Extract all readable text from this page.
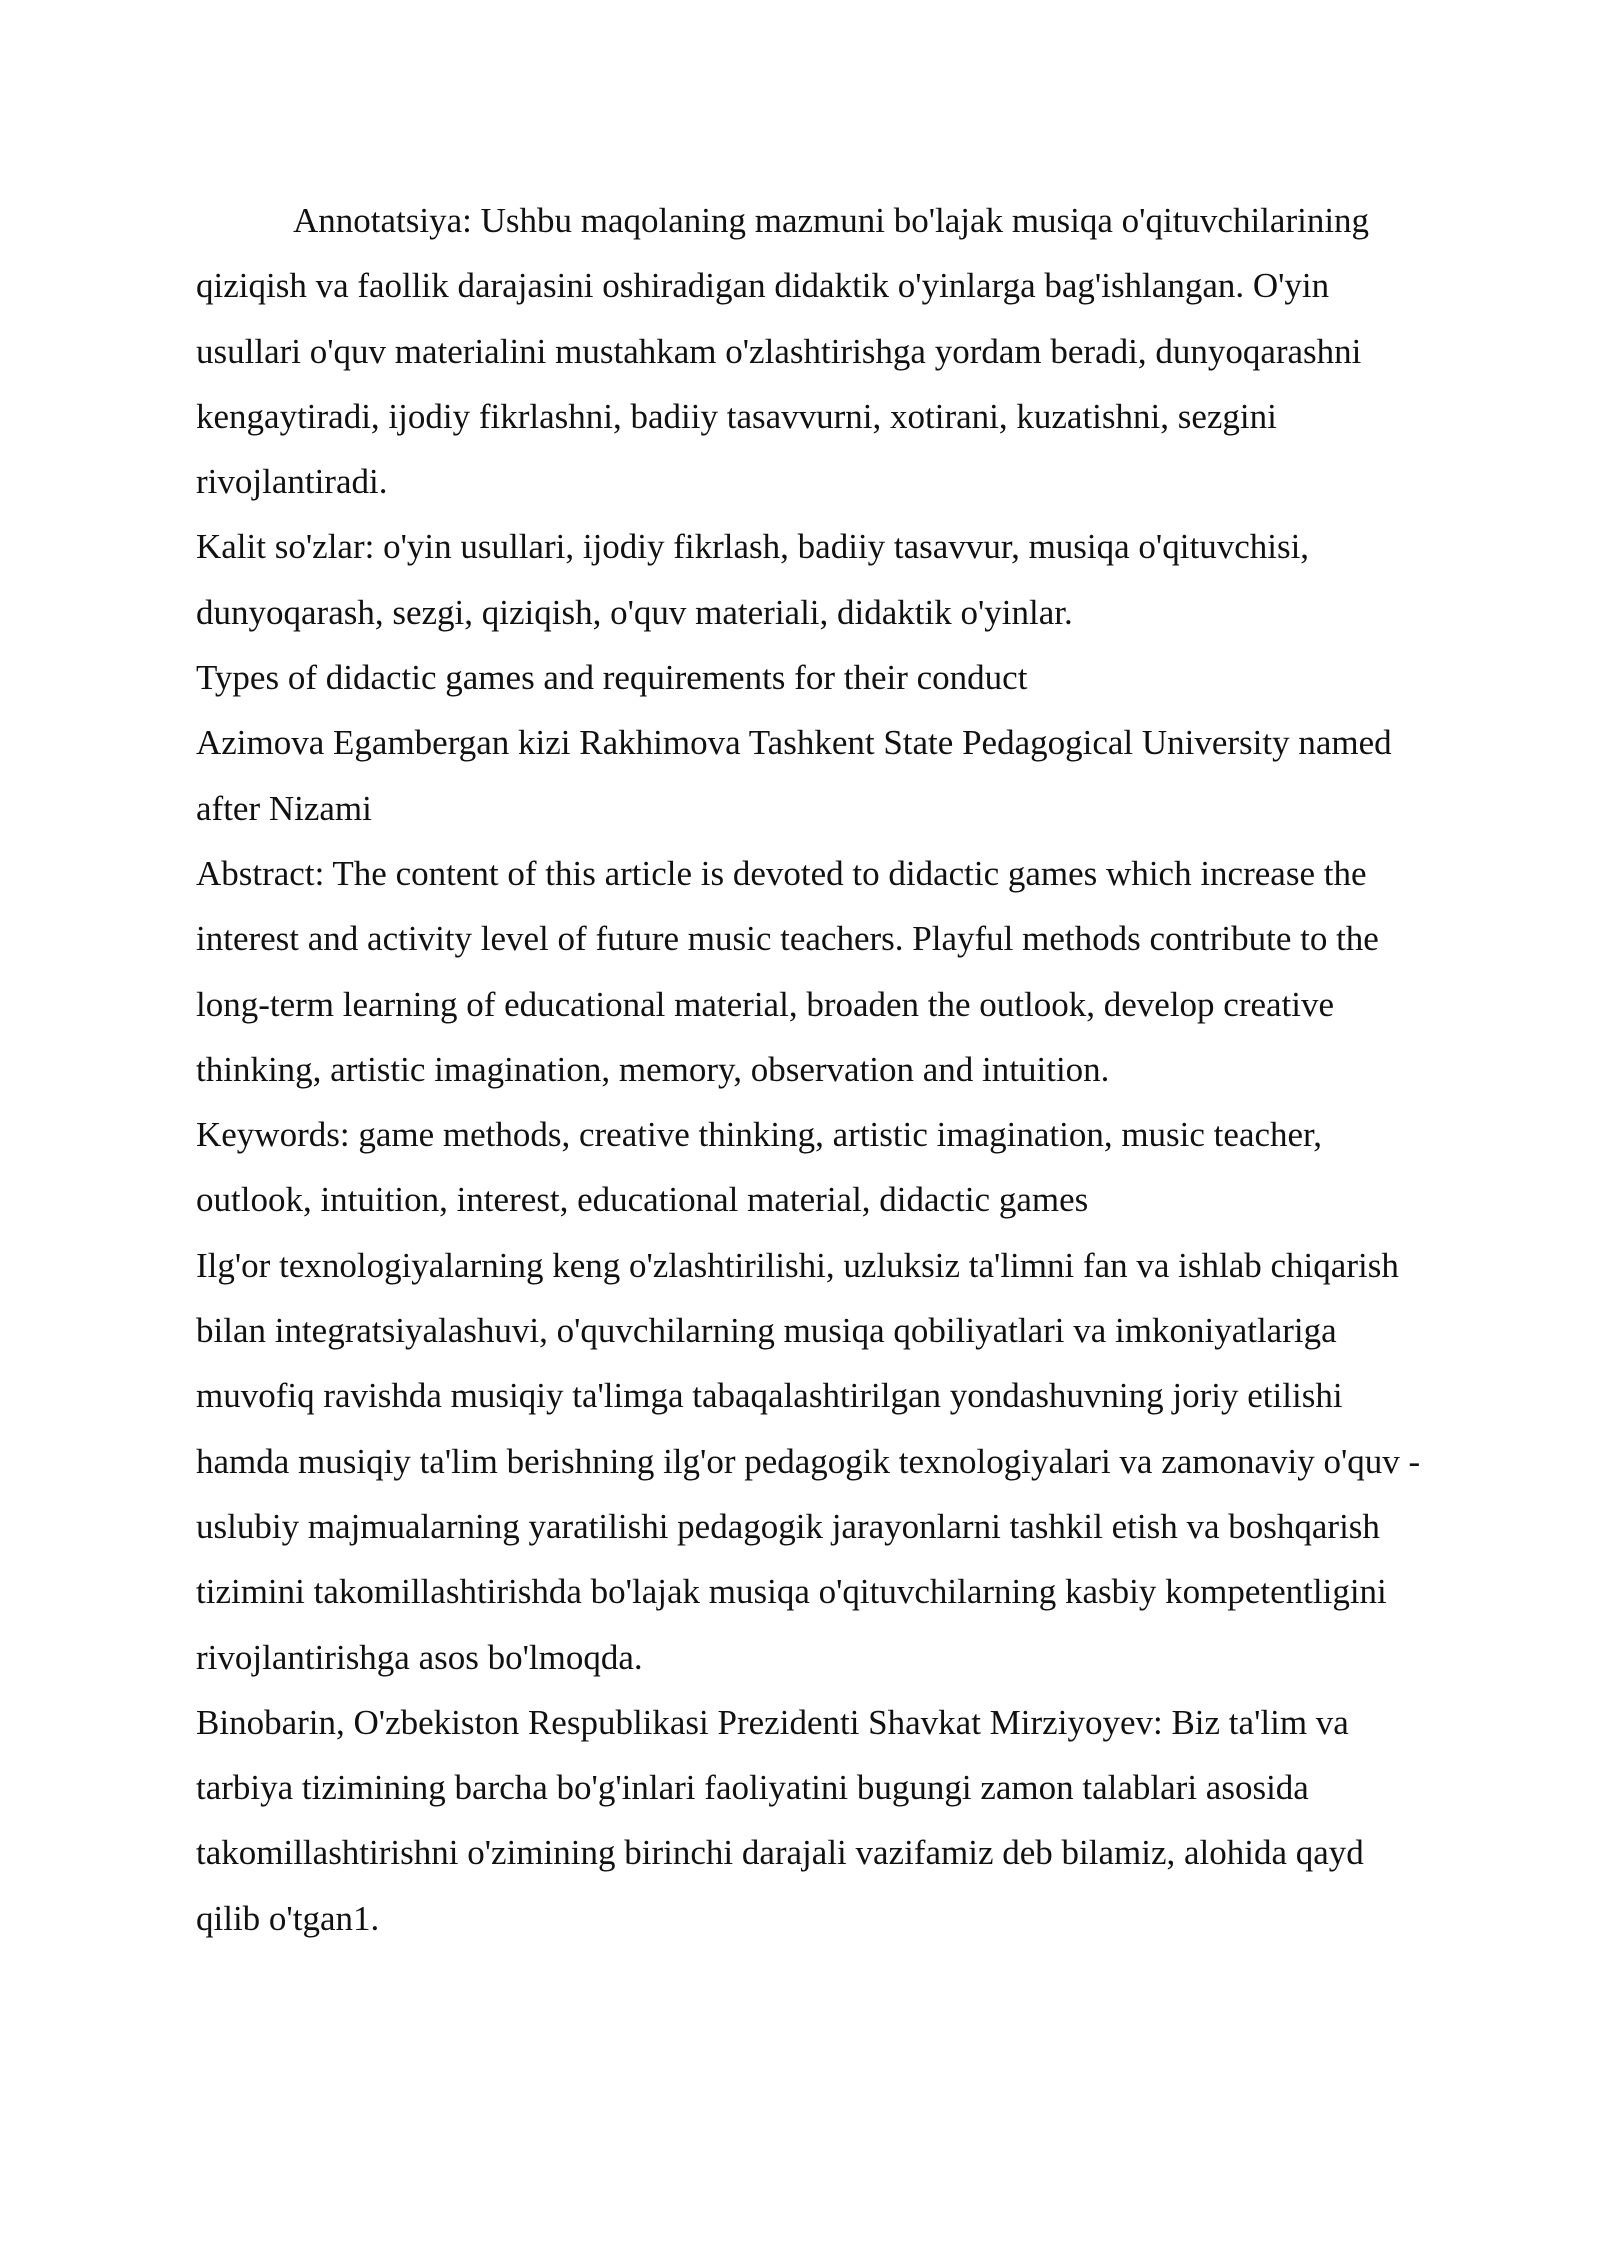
Annotatsiya: Ushbu maqolaning mazmuni bo'lajak musiqa o'qituvchilarining qiziqish va faollik darajasini oshiradigan didaktik o'yinlarga bag'ishlangan. O'yin usullari o'quv materialini mustahkam o'zlashtirishga yordam beradi, dunyoqarashni kengaytiradi, ijodiy fikrlashni, badiiy tasavvurni, xotirani, kuzatishni, sezgini rivojlantiradi.

Kalit so'zlar: o'yin usullari, ijodiy fikrlash, badiiy tasavvur, musiqa o'qituvchisi, dunyoqarash, sezgi, qiziqish, o'quv materiali, didaktik o'yinlar.

Types of didactic games and requirements for their conduct

Azimova Egambergan kizi Rakhimova Tashkent State Pedagogical University named after Nizami

Abstract: The content of this article is devoted to didactic games which increase the interest and activity level of future music teachers. Playful methods contribute to the long-term learning of educational material, broaden the outlook, develop creative thinking, artistic imagination, memory, observation and intuition.

Keywords: game methods, creative thinking, artistic imagination, music teacher, outlook, intuition, interest, educational material, didactic games

Ilg'or texnologiyalarning keng o'zlashtirilishi, uzluksiz ta'limni fan va ishlab chiqarish bilan integratsiyalashuvi, o'quvchilarning musiqa qobiliyatlari va imkoniyatlariga muvofiq ravishda musiqiy ta'limga tabaqalashtirilgan yondashuvning joriy etilishi hamda musiqiy ta'lim berishning ilg'or pedagogik texnologiyalari va zamonaviy o'quv - uslubiy majmualarning yaratilishi pedagogik jarayonlarni tashkil etish va boshqarish tizimini takomillashtirishda bo'lajak musiqa o'qituvchilarning kasbiy kompetentligini rivojlantirishga asos bo'lmoqda.

Binobarin, O'zbekiston Respublikasi Prezidenti Shavkat Mirziyoyev: Biz ta'lim va tarbiya tizimining barcha bo'g'inlari faoliyatini bugungi zamon talablari asosida takomillashtirishni o'zimining birinchi darajali vazifamiz deb bilamiz, alohida qayd qilib o'tgan1.
